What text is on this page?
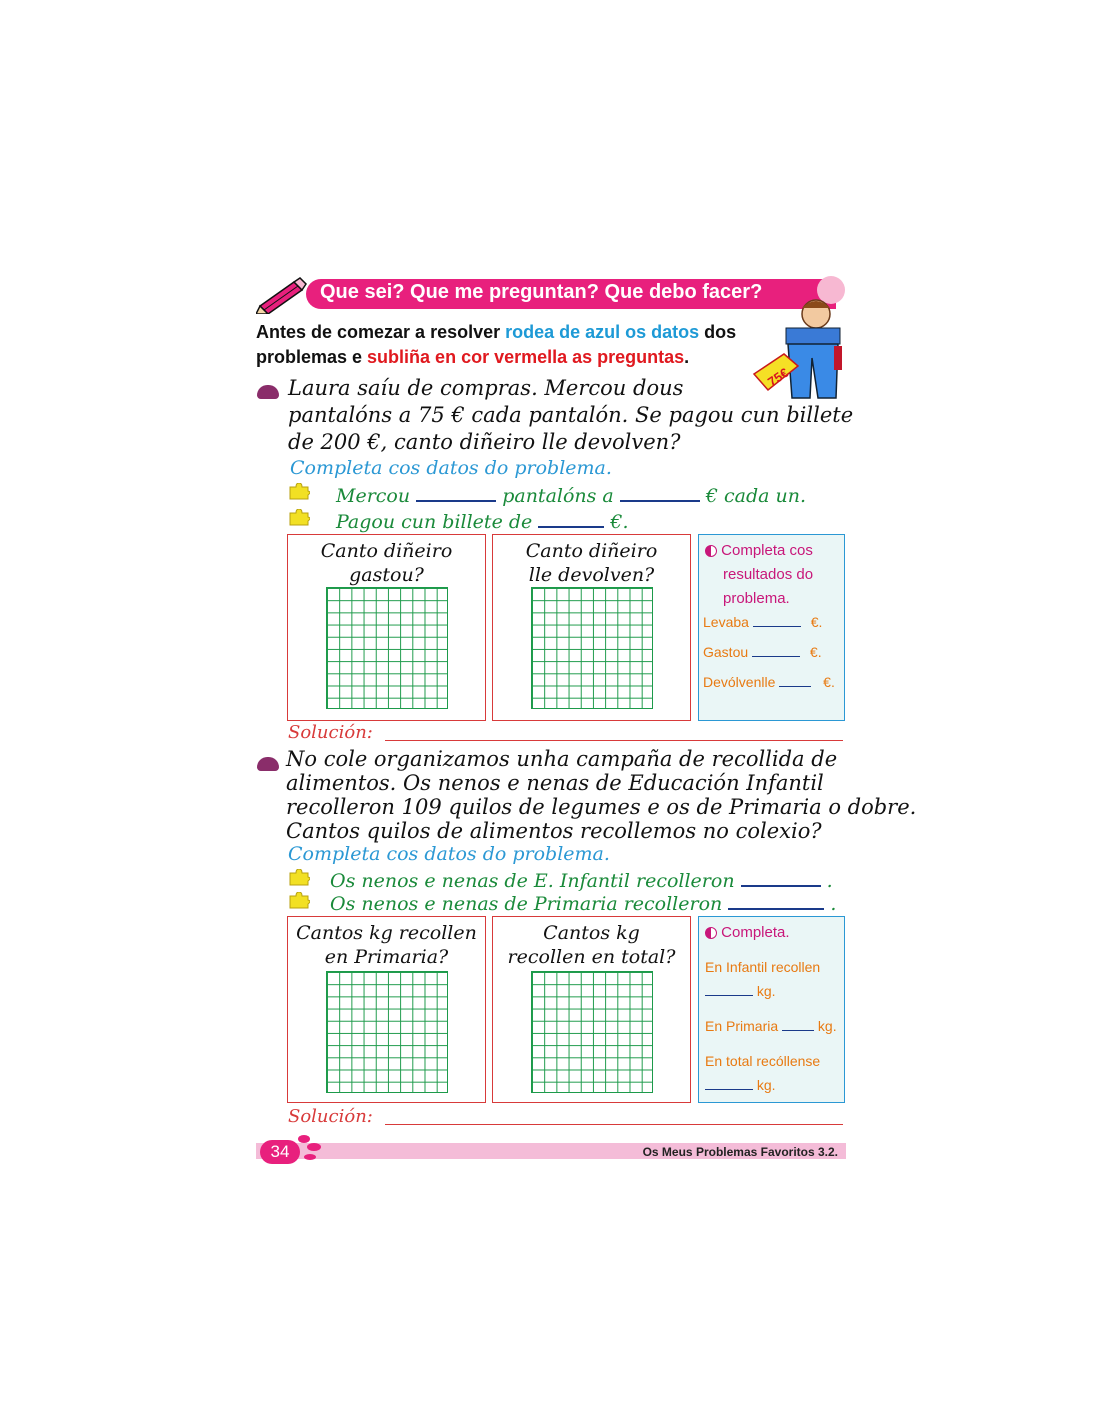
Que sei? Que me preguntan? Que debo facer?
Antes de comezar a resolver rodea de azul os datos dos
problemas e subliña en cor vermella as preguntas.
75€
Laura saíu de compras. Mercou dous
pantalóns a 75 € cada pantalón. Se pagou cun billete
de 200 €, canto diñeiro lle devolven?
Completa cos datos do problema.
Mercou	pantalóns a	€ cada un.
Pagou cun billete de	€.
Canto diñeiro
gastou?
Canto diñeiro
lle devolven?
Completa cos
resultados do
problema.
Levaba	€.
Gastou	€.
Devólvenlle	€.
Solución:
No cole organizamos unha campaña de recollida de
alimentos. Os nenos e nenas de Educación Infantil
recolleron 109 quilos de legumes e os de Primaria o dobre.
Cantos quilos de alimentos recollemos no colexio?
Completa cos datos do problema.
Os nenos e nenas de E. Infantil recolleron	.
Os nenos e nenas de Primaria recolleron	.
Cantos kg recollen
en Primaria?
Cantos kg
recollen en total?
Completa.
En Infantil recollen
kg.
En Primaria	kg.
En total recóllense
kg.
Solución:
34	Os Meus Problemas Favoritos 3.2.
